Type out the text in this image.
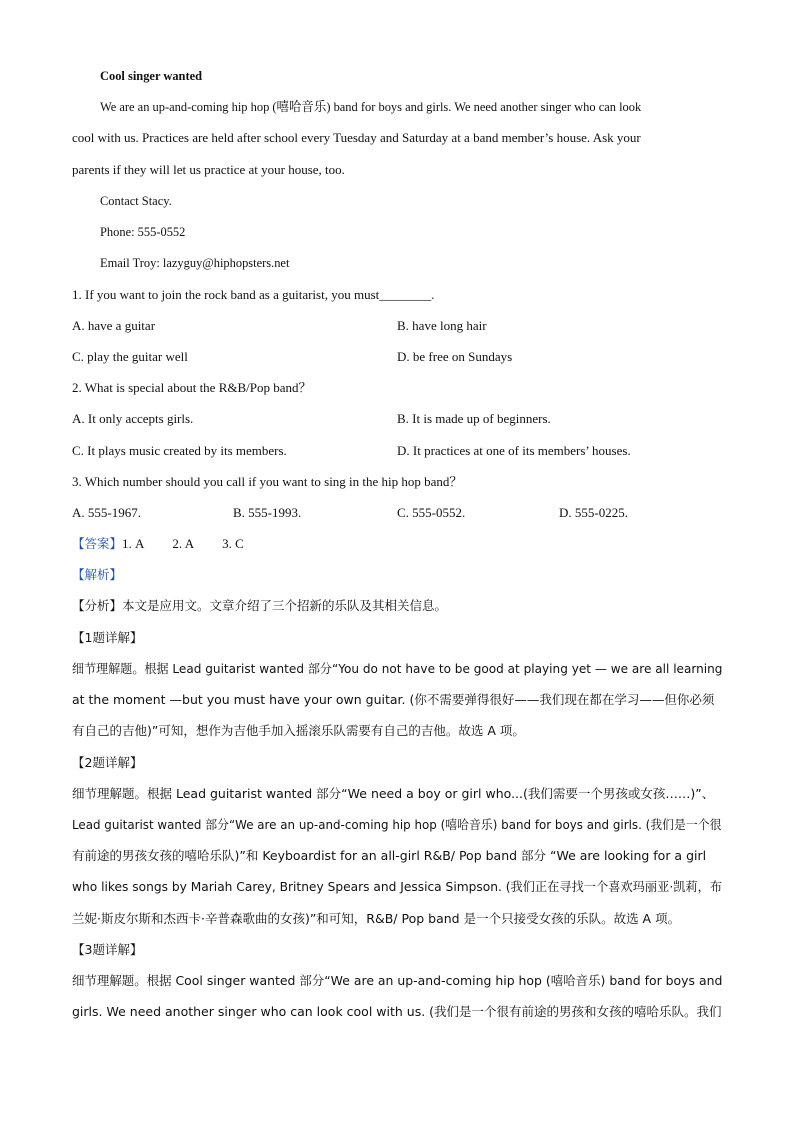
Cool singer wanted
We are an up-and-coming hip hop (嘻哈音乐) band for boys and girls. We need another singer who can look
cool with us. Practices are held after school every Tuesday and Saturday at a band member’s house. Ask your
parents if they will let us practice at your house, too.
Contact Stacy.
Phone: 555-0552
Email Troy: lazyguy@hiphopsters.net
1. If you want to join the rock band as a guitarist, you must________.
A. have a guitar	B. have long hair
C. play the guitar well	D. be free on Sundays
2. What is special about the R&B/Pop band？
A. It only accepts girls.	B. It is made up of beginners.
C. It plays music created by its members.	D. It practices at one of its members’ houses.
3. Which number should you call if you want to sing in the hip hop band？
A. 555-1967.	B. 555-1993.	C. 555-0552.	D. 555-0225.
【答案】1. A 2. A 3. C
【解析】
【分析】本文是应用文。文章介绍了三个招新的乐队及其相关信息。
【1题详解】
细节理解题。根据 Lead guitarist wanted 部分“You do not have to be good at playing yet — we are all learning
at the moment —but you must have your own guitar. (你不需要弹得很好——我们现在都在学习——但你必须
有自己的吉他)”可知，想作为吉他手加入摇滚乐队需要有自己的吉他。故选 A 项。
【2题详解】
细节理解题。根据 Lead guitarist wanted 部分“We need a boy or girl who...(我们需要一个男孩或女孩……)”、
Lead guitarist wanted 部分“We are an up-and-coming hip hop (嘻哈音乐) band for boys and girls. (我们是一个很
有前途的男孩女孩的嘻哈乐队)”和 Keyboardist for an all-girl R&B/ Pop band 部分 “We are looking for a girl
who likes songs by Mariah Carey, Britney Spears and Jessica Simpson. (我们正在寻找一个喜欢玛丽亚·凯莉，布
兰妮·斯皮尔斯和杰西卡·辛普森歌曲的女孩)”和可知，R&B/ Pop band 是一个只接受女孩的乐队。故选 A 项。
【3题详解】
细节理解题。根据 Cool singer wanted 部分“We are an up-and-coming hip hop (嘻哈音乐) band for boys and
girls. We need another singer who can look cool with us. (我们是一个很有前途的男孩和女孩的嘻哈乐队。我们
